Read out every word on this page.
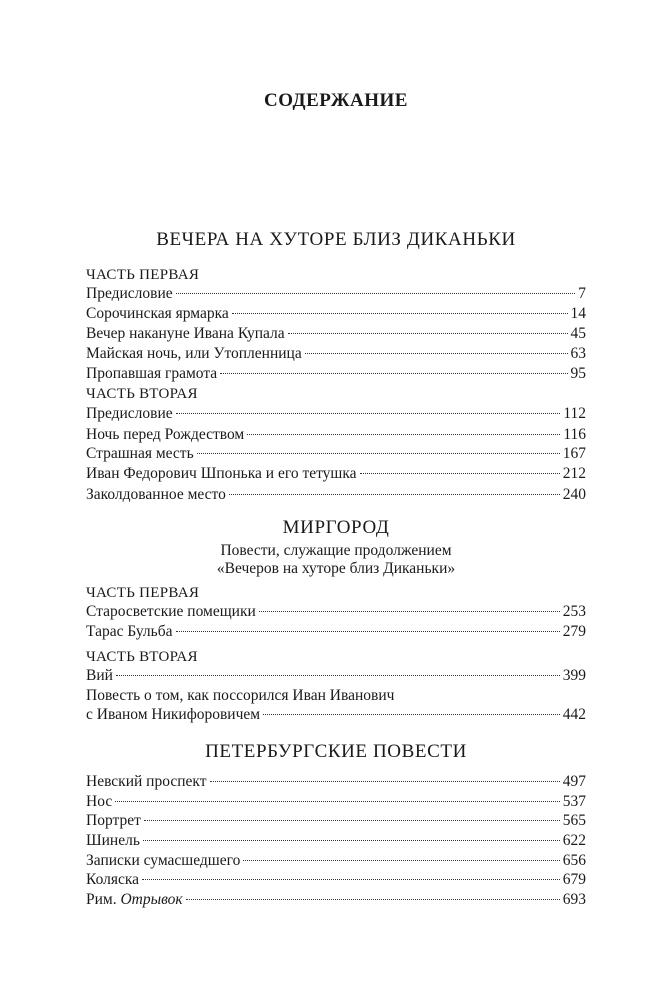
СОДЕРЖАНИЕ
ВЕЧЕРА НА ХУТОРЕ БЛИЗ ДИКАНЬКИ
ЧАСТЬ ПЕРВАЯ
Предисловие	7
Сорочинская ярмарка	14
Вечер накануне Ивана Купала	45
Майская ночь, или Утопленница	63
Пропавшая грамота	95
ЧАСТЬ ВТОРАЯ
Предисловие	112
Ночь перед Рождеством	116
Страшная месть	167
Иван Федорович Шпонька и его тетушка	212
Заколдованное место	240
МИРГОРОД
Повести, служащие продолжением
«Вечеров на хуторе близ Диканьки»
ЧАСТЬ ПЕРВАЯ
Старосветские помещики	253
Тарас Бульба	279
ЧАСТЬ ВТОРАЯ
Вий	399
Повесть о том, как поссорился Иван Иванович
с Иваном Никифоровичем	442
ПЕТЕРБУРГСКИЕ ПОВЕСТИ
Невский проспект	497
Нос	537
Портрет	565
Шинель	622
Записки сумасшедшего	656
Коляска	679
Рим. Отрывок	693
